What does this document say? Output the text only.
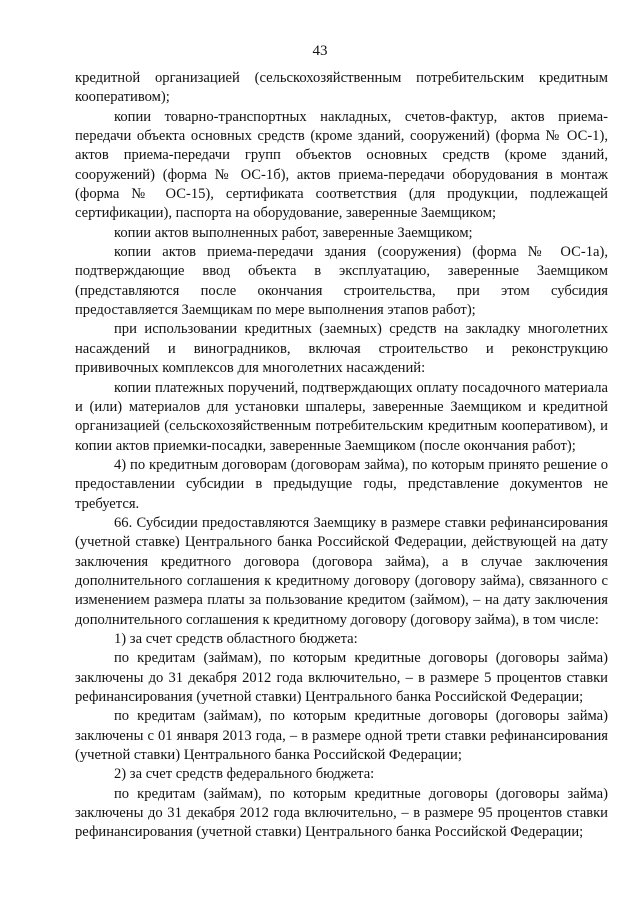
43

кредитной организацией (сельскохозяйственным потребительским кредитным кооперативом);

копии товарно-транспортных накладных, счетов-фактур, актов приема-передачи объекта основных средств (кроме зданий, сооружений) (форма № ОС-1), актов приема-передачи групп объектов основных средств (кроме зданий, сооружений) (форма № ОС-1б), актов приема-передачи оборудования в монтаж (форма № ОС-15), сертификата соответствия (для продукции, подлежащей сертификации), паспорта на оборудование, заверенные Заемщиком;

копии актов выполненных работ, заверенные Заемщиком;

копии актов приема-передачи здания (сооружения) (форма № ОС-1а), подтверждающие ввод объекта в эксплуатацию, заверенные Заемщиком (представляются после окончания строительства, при этом субсидия предоставляется Заемщикам по мере выполнения этапов работ);

при использовании кредитных (заемных) средств на закладку многолетних насаждений и виноградников, включая строительство и реконструкцию прививочных комплексов для многолетних насаждений:

копии платежных поручений, подтверждающих оплату посадочного материала и (или) материалов для установки шпалеры, заверенные Заемщиком и кредитной организацией (сельскохозяйственным потребительским кредитным кооперативом), и копии актов приемки-посадки, заверенные Заемщиком (после окончания работ);

4) по кредитным договорам (договорам займа), по которым принято решение о предоставлении субсидии в предыдущие годы, представление документов не требуется.

66. Субсидии предоставляются Заемщику в размере ставки рефинансирования (учетной ставке) Центрального банка Российской Федерации, действующей на дату заключения кредитного договора (договора займа), а в случае заключения дополнительного соглашения к кредитному договору (договору займа), связанного с изменением размера платы за пользование кредитом (займом), – на дату заключения дополнительного соглашения к кредитному договору (договору займа), в том числе:

1) за счет средств областного бюджета:

по кредитам (займам), по которым кредитные договоры (договоры займа) заключены до 31 декабря 2012 года включительно, – в размере 5 процентов ставки рефинансирования (учетной ставки) Центрального банка Российской Федерации;

по кредитам (займам), по которым кредитные договоры (договоры займа) заключены с 01 января 2013 года, – в размере одной трети ставки рефинансирования (учетной ставки) Центрального банка Российской Федерации;

2) за счет средств федерального бюджета:

по кредитам (займам), по которым кредитные договоры (договоры займа) заключены до 31 декабря 2012 года включительно, – в размере 95 процентов ставки рефинансирования (учетной ставки) Центрального банка Российской Федерации;
